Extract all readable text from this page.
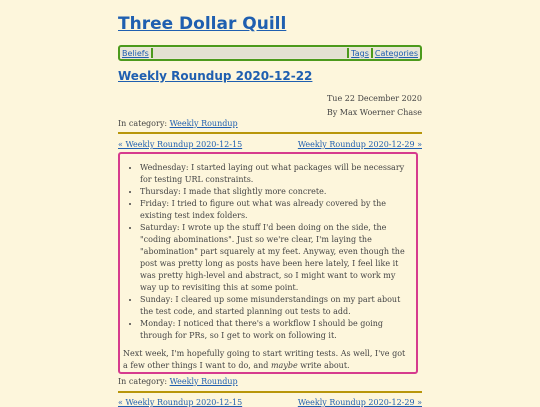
Three Dollar Quill
Beliefs	Tags Categories
Weekly Roundup 2020-12-22
Tue 22 December 2020
By Max Woerner Chase
In category: Weekly Roundup
« Weekly Roundup 2020-12-15	Weekly Roundup 2020-12-29 »
• Wednesday: I started laying out what packages will be necessary for testing URL constraints.
• Thursday: I made that slightly more concrete.
• Friday: I tried to figure out what was already covered by the existing test index folders.
• Saturday: I wrote up the stuff I'd been doing on the side, the "coding abominations". Just so we're clear, I'm laying the "abomination" part squarely at my feet. Anyway, even though the post was pretty long as posts have been here lately, I feel like it was pretty high-level and abstract, so I might want to work my way up to revisiting this at some point.
• Sunday: I cleared up some misunderstandings on my part about the test code, and started planning out tests to add.
• Monday: I noticed that there's a workflow I should be going through for PRs, so I get to work on following it.

Next week, I'm hopefully going to start writing tests. As well, I've got a few other things I want to do, and maybe write about.

In category: Weekly Roundup
« Weekly Roundup 2020-12-15	Weekly Roundup 2020-12-29 »
